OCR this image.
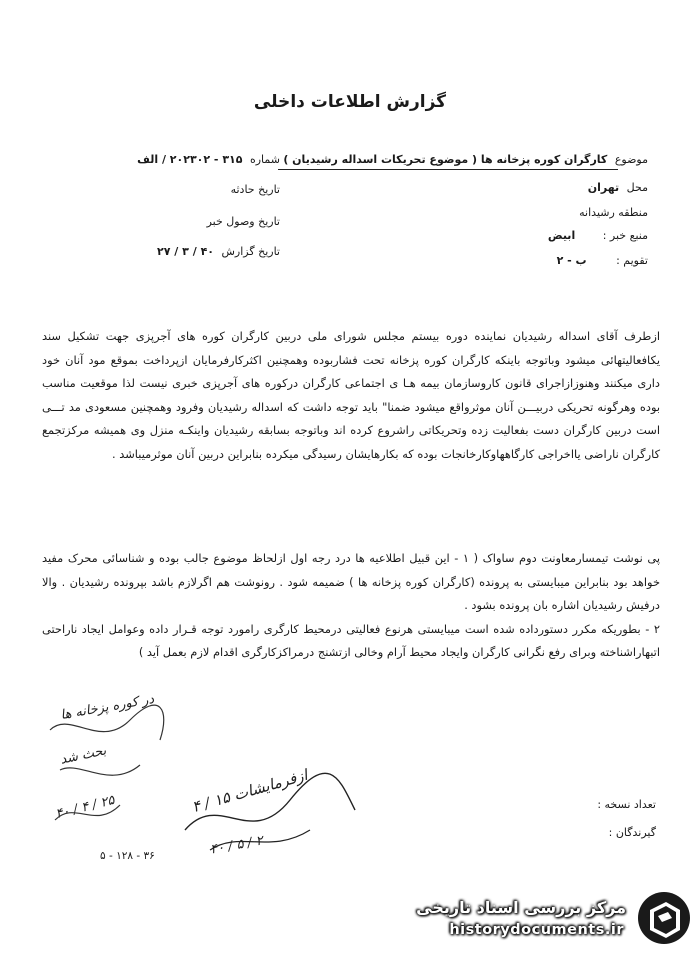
گزارش اطلاعات داخلی
موضوع کارگران کوره پزخانه ها ( موضوع تحریکات اسداله رشیدیان )
محل تهران
منطقه رشیدانه
منبع خبر : ابیض
تقویم : ب - ۲
شماره ۳۱۵ - ۲۰۲۳۰۲ / الف
تاریخ حادثه
تاریخ وصول خبر
تاریخ گزارش ۴۰ / ۳ / ۲۷

ازطرف آقای اسداله رشیدیان نماینده دوره بیستم مجلس شورای ملی دربین کارگران کوره های آجرپزی جهت تشکیل سند یکافعالیتهائی میشود وباتوجه باینکه کارگران کوره پزخانه تحت فشاربوده وهمچنین اکثرکارفرمایان ازپرداخت بموقع مود آنان خود داری میکنند وهنوزازاجرای قانون کاروسازمان بیمه هـا ی اجتماعی کارگران درکوره های آجرپزی خبری نیست لذا موقعیت مناسب بوده وهرگونه تحریکی دربیـــن آنان موثرواقع میشود ضمنا" باید توجه داشت که اسداله رشیدیان وفرود وهمچنین مسعودی مد تـــی است دربین کارگران دست بفعالیت زده وتحریکاتی راشروع کرده اند وباتوجه بسابقه رشیدیان واینکـه منزل وی همیشه مرکزتجمع کارگران ناراضی یااخراجی کارگاههاوکارخانجات بوده که بکارهایشان رسیدگی میکرده بنابراین دربین آنان موثرمیباشد .

پی نوشت تیمسارمعاونت دوم ساواک ( ۱ - این قبیل اطلاعیه ها درد رجه اول ازلحاظ موضوع جالب بوده و شناسائی محرک مفید خواهد بود بنابراین میبایستی به پرونده (کارگران کوره پزخانه ها ) ضمیمه شود . رونوشت هم اگرلازم باشد بپرونده رشیدیان . والا درفیش رشیدیان اشاره بان پرونده بشود .

۲ - بطوریکه مکرر دستورداده شده است میبایستی هرنوع فعالیتی درمحیط کارگری رامورد توجه قـرار داده وعوامل ایجاد ناراحتی اتبهاراشناخته وبرای رفع نگرانی کارگران وایجاد محیط آرام وخالی ازتشنج درمراکزکارگری اقدام لازم بعمل آید )

تعداد نسخه :
گیرندگان :
در کوره پزخانه ها
بحث شد
۴۰ / ۴ / ۲۵	ازفرمایشات ۱۵ / ۴
۴۰ / ۵ / ۲
۳۶ - ۱۲۸ - ۵
مرکز بررسی اسناد تاریخی
historydocuments.ir
